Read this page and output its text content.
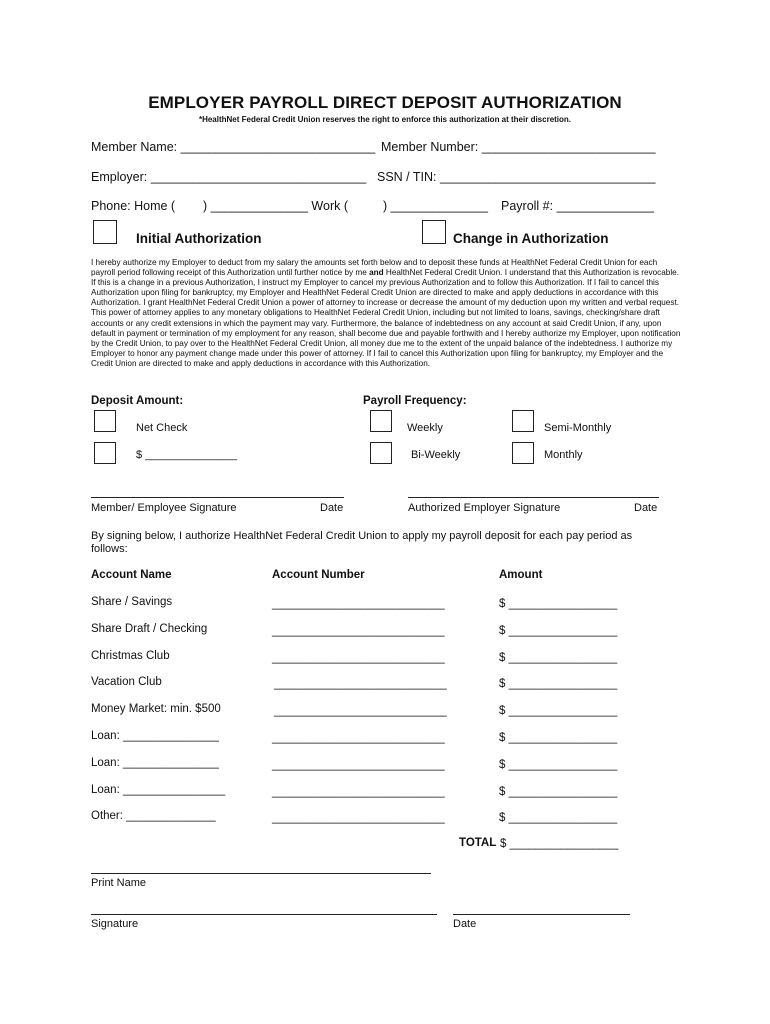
EMPLOYER PAYROLL DIRECT DEPOSIT AUTHORIZATION
*HealthNet Federal Credit Union reserves the right to enforce this authorization at their discretion.
Member Name: ____________________________ Member Number: _________________________
Employer: _______________________________ SSN / TIN: _______________________________
Phone: Home ( ) ______________ Work (	) ______________ Payroll #: ______________
Initial Authorization	Change in Authorization
I hereby authorize my Employer to deduct from my salary the amounts set forth below and to deposit these funds at HealthNet Federal Credit Union for each payroll period following receipt of this Authorization until further notice by me and HealthNet Federal Credit Union. I understand that this Authorization is revocable. If this is a change in a previous Authorization, I instruct my Employer to cancel my previous Authorization and to follow this Authorization. If I fail to cancel this Authorization upon filing for bankruptcy, my Employer and HealthNet Federal Credit Union are directed to make and apply deductions in accordance with this Authorization. I grant HealthNet Federal Credit Union a power of attorney to increase or decrease the amount of my deduction upon my written and verbal request. This power of attorney applies to any monetary obligations to HealthNet Federal Credit Union, including but not limited to loans, savings, checking/share draft accounts or any credit extensions in which the payment may vary. Furthermore, the balance of indebtedness on any account at said Credit Union, if any, upon default in payment or termination of my employment for any reason, shall become due and payable forthwith and I hereby authorize my Employer, upon notification by the Credit Union, to pay over to the HealthNet Federal Credit Union, all money due me to the extent of the unpaid balance of the indebtedness. I authorize my Employer to honor any payment change made under this power of attorney. If I fail to cancel this Authorization upon filing for bankruptcy, my Employer and the Credit Union are directed to make and apply deductions in accordance with this Authorization.
Deposit Amount:	Payroll Frequency:
Net Check
$ _______________
Weekly	Semi-Monthly
Bi-Weekly	Monthly
Member/ Employee Signature	Date	Authorized Employer Signature	Date
By signing below, I authorize HealthNet Federal Credit Union to apply my payroll deposit for each pay period as follows:
Account Name	Account Number	Amount
Share / Savings	___________________________	$ _________________
Share Draft / Checking	___________________________	$ _________________
Christmas Club	___________________________	$ _________________
Vacation Club	___________________________	$ _________________
Money Market: min. $500	___________________________	$ _________________
Loan: _______________	___________________________	$ _________________
Loan: _______________	___________________________	$ _________________
Loan: ________________	___________________________	$ _________________
Other: ______________	___________________________	$ _________________
TOTAL $ _________________
Print Name
Signature	Date
